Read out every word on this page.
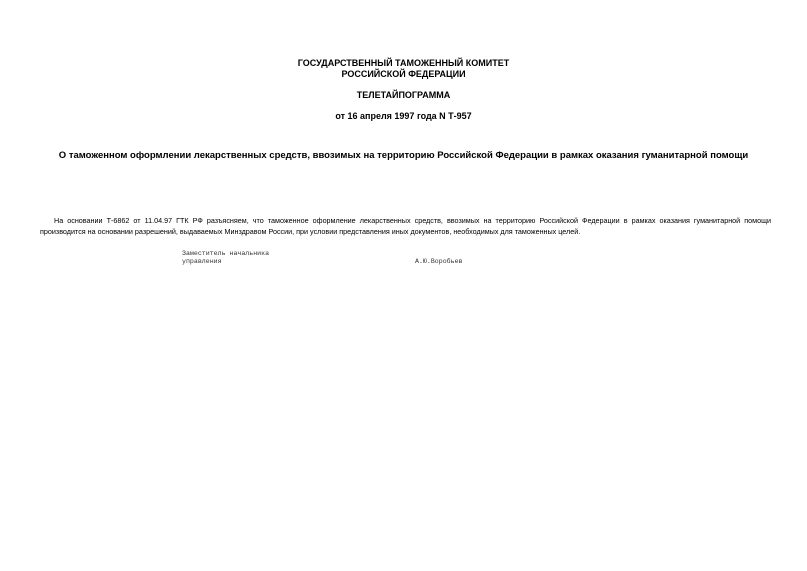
ГОСУДАРСТВЕННЫЙ ТАМОЖЕННЫЙ КОМИТЕТ
РОССИЙСКОЙ ФЕДЕРАЦИИ
ТЕЛЕТАЙПОГРАММА
от 16 апреля 1997 года N Т-957
О таможенном оформлении лекарственных средств, ввозимых на территорию Российской Федерации в рамках оказания гуманитарной помощи

На основании Т-6862 от 11.04.97 ГТК РФ разъясняем, что таможенное оформление лекарственных средств, ввозимых на территорию Российской Федерации в рамках оказания гуманитарной помощи производится на основании разрешений, выдаваемых Минздравом России, при условии представления иных документов, необходимых для таможенных целей.

Заместитель начальника
управления	А.Ю.Воробьев
